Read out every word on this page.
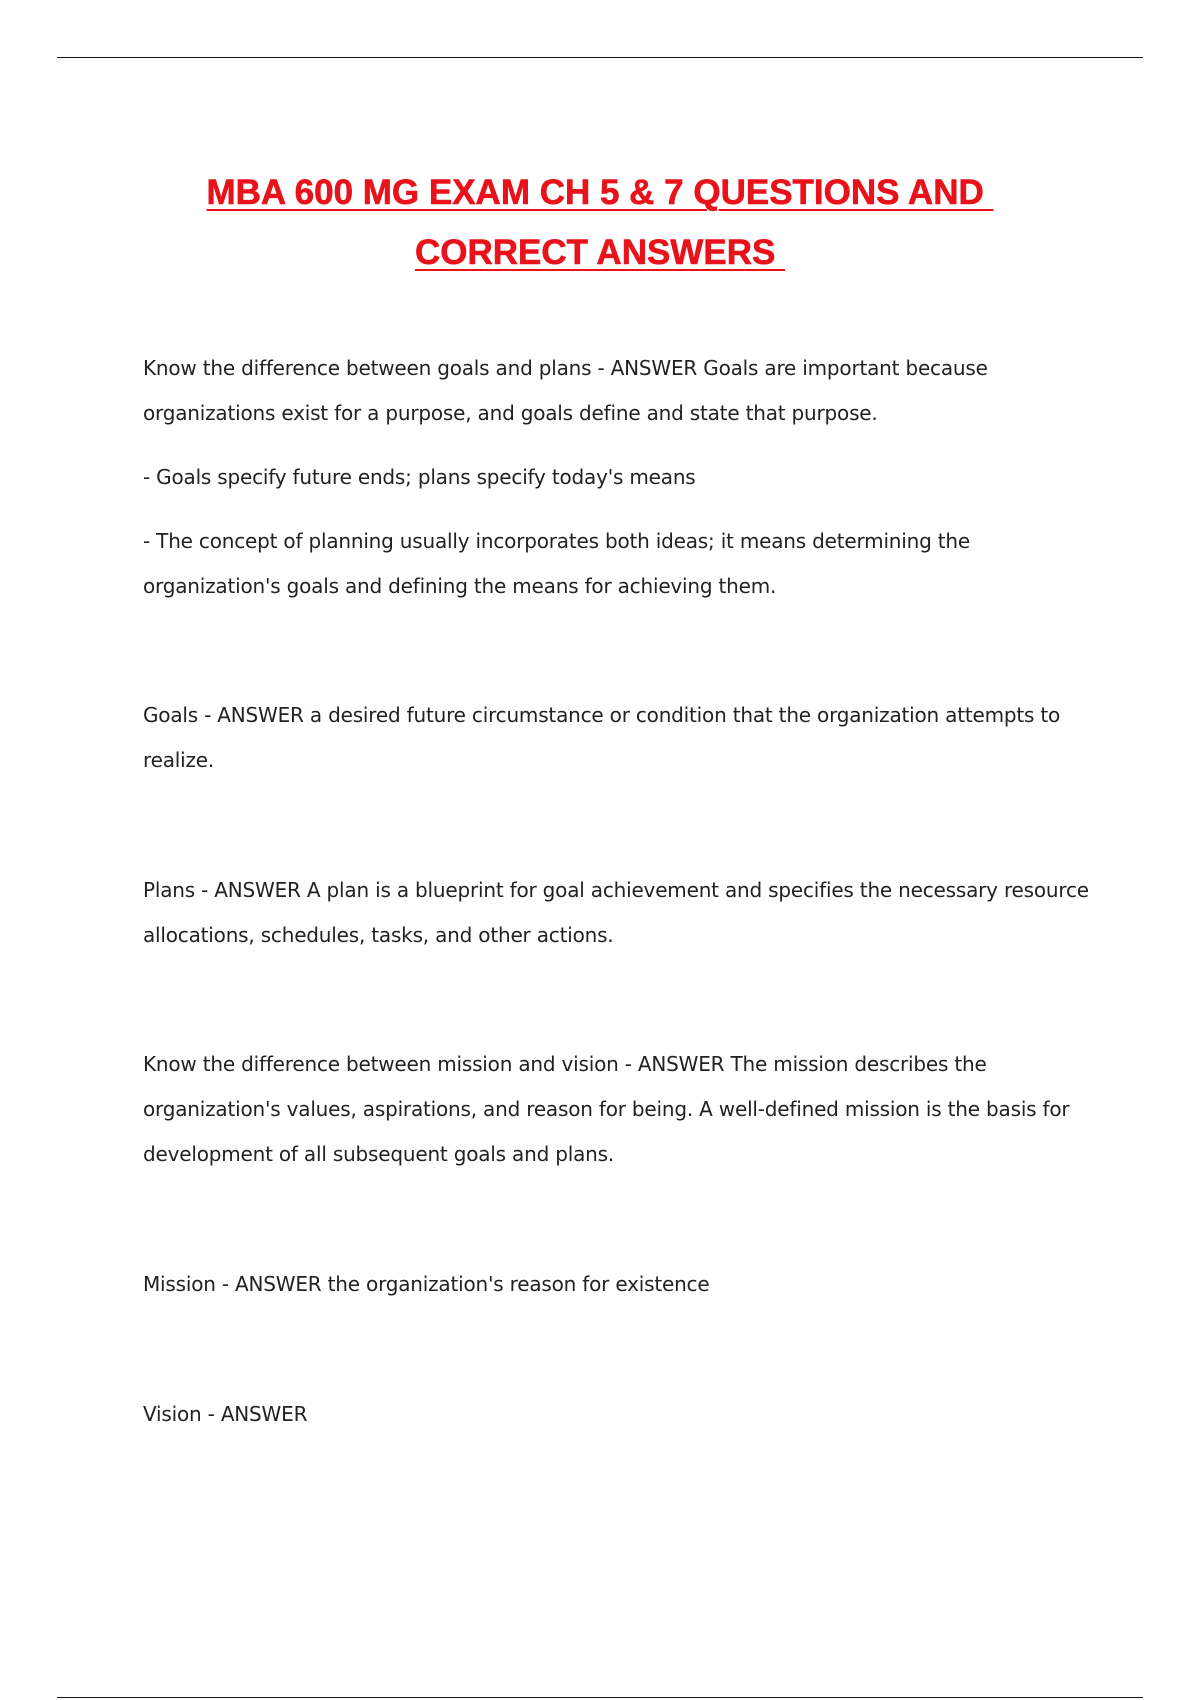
MBA 600 MG EXAM CH 5 & 7 QUESTIONS AND
CORRECT ANSWERS

Know the difference between goals and plans - ANSWER Goals are important because organizations exist for a purpose, and goals define and state that purpose.

- Goals specify future ends; plans specify today's means

- The concept of planning usually incorporates both ideas; it means determining the organization's goals and defining the means for achieving them.

Goals - ANSWER a desired future circumstance or condition that the organization attempts to realize.

Plans - ANSWER A plan is a blueprint for goal achievement and specifies the necessary resource allocations, schedules, tasks, and other actions.

Know the difference between mission and vision - ANSWER The mission describes the organization's values, aspirations, and reason for being. A well-defined mission is the basis for development of all subsequent goals and plans.

Mission - ANSWER the organization's reason for existence

Vision - ANSWER
